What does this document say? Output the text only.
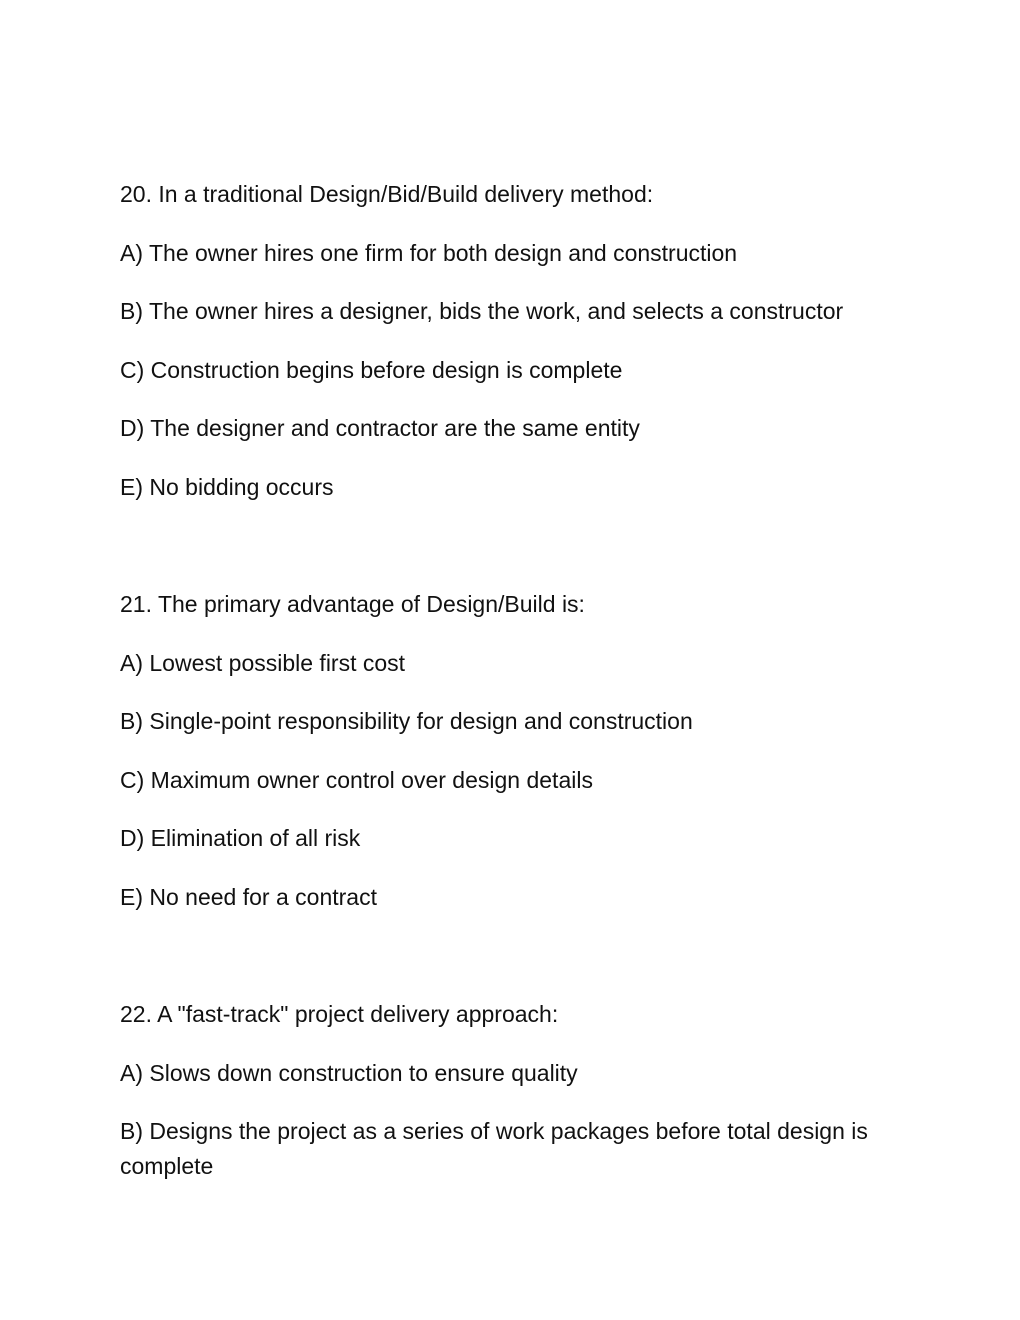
20. In a traditional Design/Bid/Build delivery method:
A) The owner hires one firm for both design and construction
B) The owner hires a designer, bids the work, and selects a constructor
C) Construction begins before design is complete
D) The designer and contractor are the same entity
E) No bidding occurs
21. The primary advantage of Design/Build is:
A) Lowest possible first cost
B) Single-point responsibility for design and construction
C) Maximum owner control over design details
D) Elimination of all risk
E) No need for a contract
22. A "fast-track" project delivery approach:
A) Slows down construction to ensure quality
B) Designs the project as a series of work packages before total design is complete
